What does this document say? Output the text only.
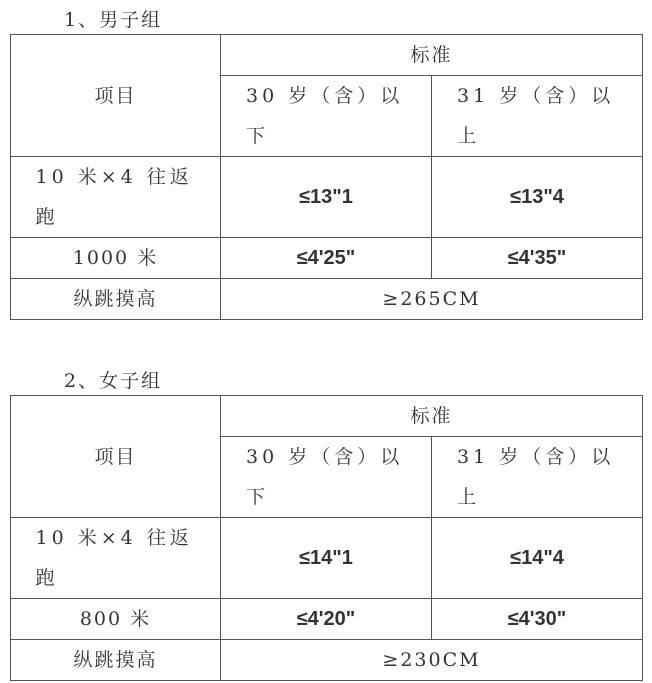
1、男子组
项目	标准	
	30 岁（含）以下	31 岁（含）以上
10 米×4 往返跑	≤13"1	≤13"4
1000 米	≤4'25"	≤4'35"
纵跳摸高	≥265CM	
2、女子组
项目	标准	
	30 岁（含）以下	31 岁（含）以上
10 米×4 往返跑	≤14"1	≤14"4
800 米	≤4'20"	≤4'30"
纵跳摸高	≥230CM	
